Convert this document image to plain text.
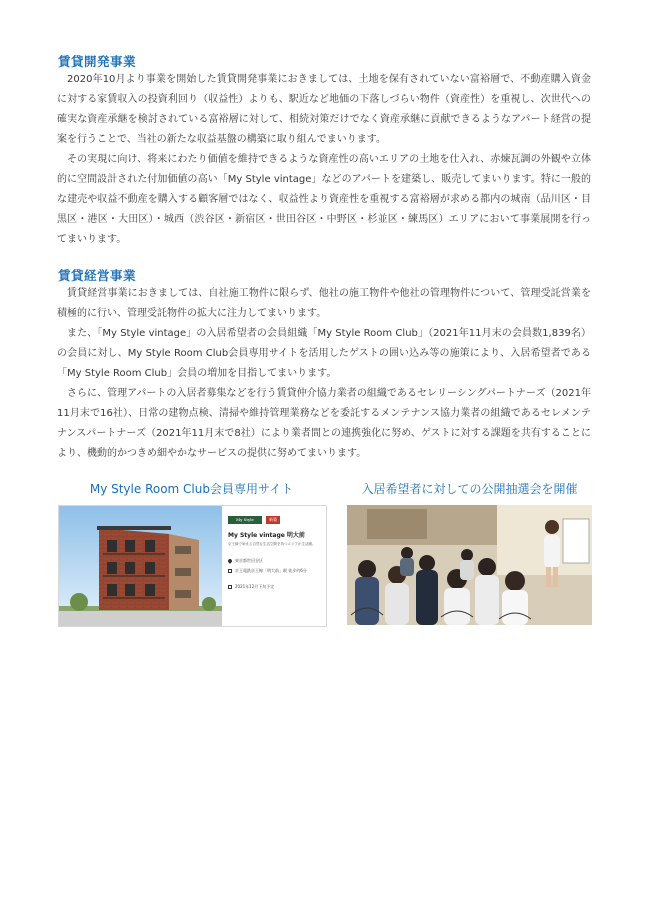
賃貸開発事業

2020年10月より事業を開始した賃貸開発事業におきましては、土地を保有されていない富裕層で、不動産購入資金に対する家賃収入の投資利回り（収益性）よりも、駅近など地価の下落しづらい物件（資産性）を重視し、次世代への確実な資産承継を検討されている富裕層に対して、相続対策だけでなく資産承継に貢献できるようなアパート経営の提案を行うことで、当社の新たな収益基盤の構築に取り組んでまいります。

その実現に向け、将来にわたり価値を維持できるような資産性の高いエリアの土地を仕入れ、赤煉瓦調の外観や立体的に空間設計された付加価値の高い「My Style vintage」などのアパートを建築し、販売してまいります。特に一般的な建売や収益不動産を購入する顧客層ではなく、収益性より資産性を重視する富裕層が求める都内の城南（品川区・目黒区・港区・大田区）・城西（渋谷区・新宿区・世田谷区・中野区・杉並区・練馬区）エリアにおいて事業展開を行ってまいります。

賃貸経営事業

賃貸経営事業におきましては、自社施工物件に限らず、他社の施工物件や他社の管理物件について、管理受託営業を積極的に行い、管理受託物件の拡大に注力してまいります。

また、「My Style vintage」の入居希望者の会員組織「My Style Room Club」（2021年11月末の会員数1,839名）の会員に対し、My Style Room Club会員専用サイトを活用したゲストの囲い込み等の施策により、入居希望者である「My Style Room Club」会員の増加を目指してまいります。

さらに、管理アパートの入居者募集などを行う賃貸仲介協力業者の組織であるセレリーシングパートナーズ（2021年11月末で16社）、日常の建物点検、清掃や維持管理業務などを委託するメンテナンス協力業者の組織であるセレメンテナンスパートナーズ（2021年11月末で8社）により業者間との連携強化に努め、ゲストに対する課題を共有することにより、機動的かつきめ細やかなサービスの提供に努めてまいります。

My Style Room Club会員専用サイト	入居希望者に対しての公開抽選会を開催

My Style vintage
新築
My Style vintage 明大前
京王線で始まる自然な生活空間を持つエリアが生活圏。
東京都世田谷区
京王電鉄京王線「明大前」駅 徒歩約6分
2021年12月下旬予定
